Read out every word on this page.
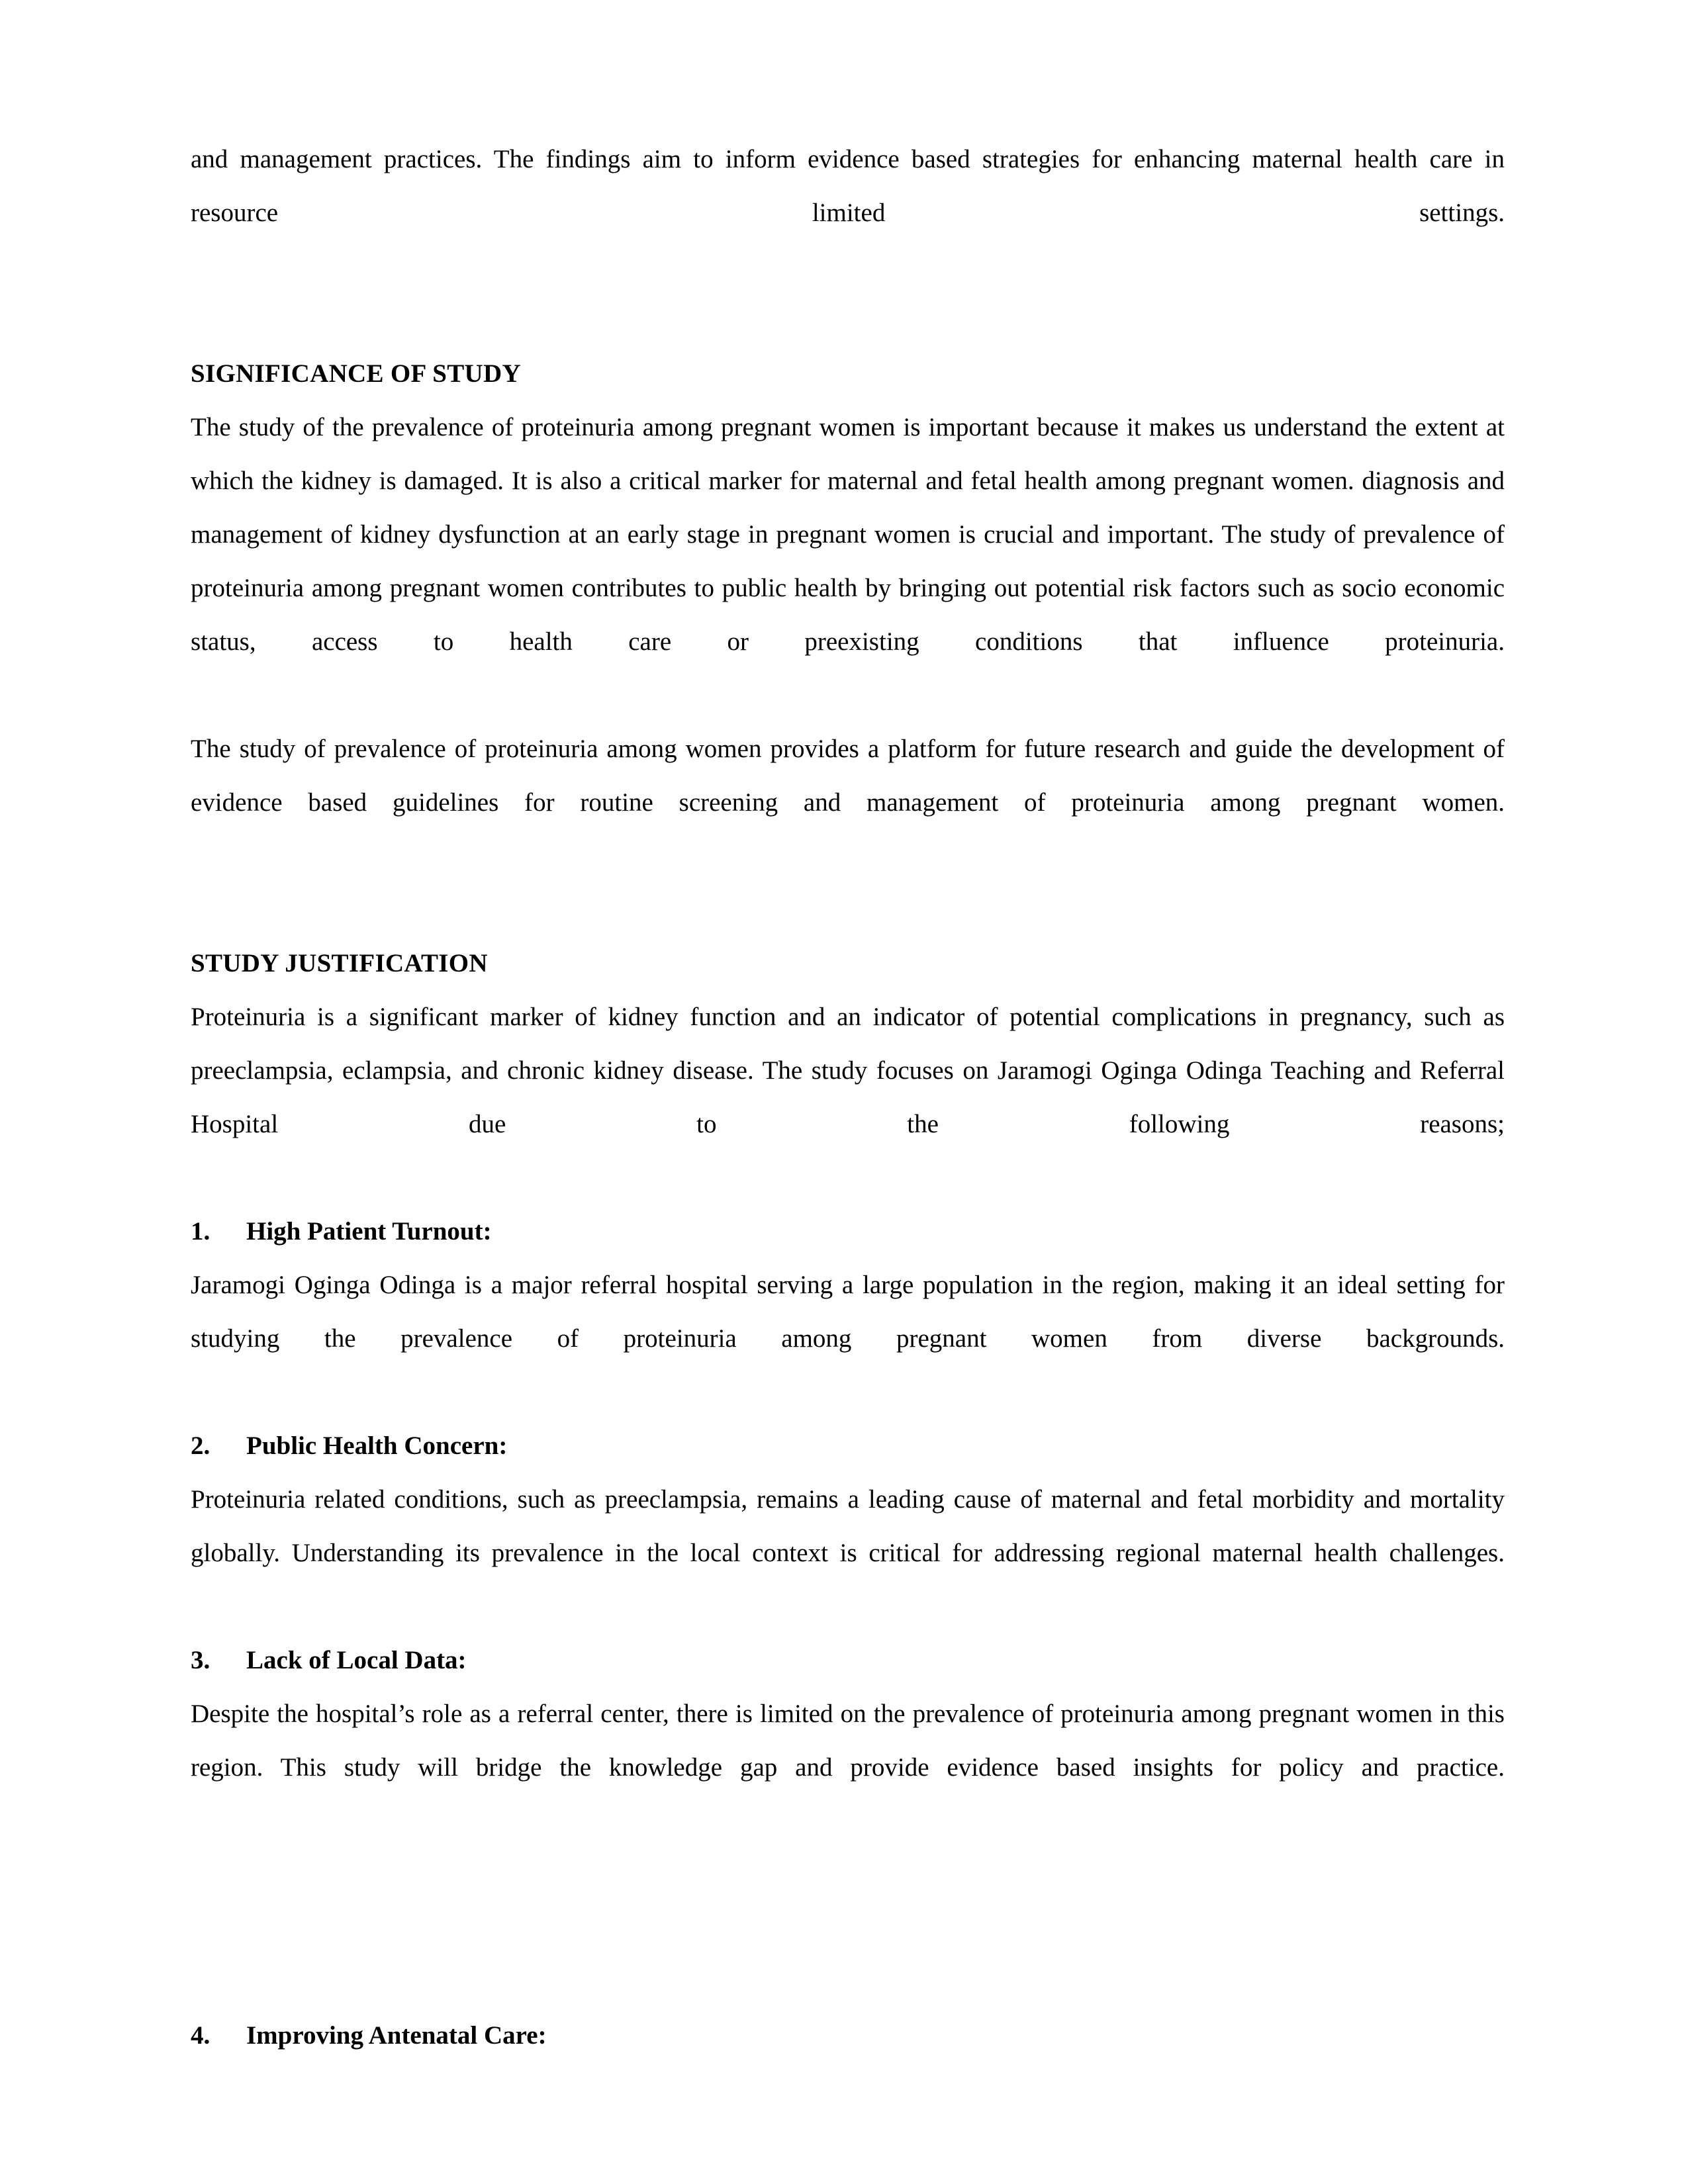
and management practices. The findings aim to inform evidence based strategies for enhancing maternal health care in resource limited settings.

SIGNIFICANCE OF STUDY

The study of the prevalence of proteinuria among pregnant women is important because it makes us understand the extent at which the kidney is damaged. It is also a critical marker for maternal and fetal health among pregnant women. diagnosis and management of kidney dysfunction at an early stage in pregnant women is crucial and important. The study of prevalence of proteinuria among pregnant women contributes to public health by bringing out potential risk factors such as socio economic status, access to health care or preexisting conditions that influence proteinuria.

The study of prevalence of proteinuria among women provides a platform for future research and guide the development of evidence based guidelines for routine screening and management of proteinuria among pregnant women.

STUDY JUSTIFICATION

Proteinuria is a significant marker of kidney function and an indicator of potential complications in pregnancy, such as preeclampsia, eclampsia, and chronic kidney disease. The study focuses on Jaramogi Oginga Odinga Teaching and Referral Hospital due to the following reasons;

1. High Patient Turnout:

Jaramogi Oginga Odinga is a major referral hospital serving a large population in the region, making it an ideal setting for studying the prevalence of proteinuria among pregnant women from diverse backgrounds.

2. Public Health Concern:

Proteinuria related conditions, such as preeclampsia, remains a leading cause of maternal and fetal morbidity and mortality globally. Understanding its prevalence in the local context is critical for addressing regional maternal health challenges.

3. Lack of Local Data:

Despite the hospital’s role as a referral center, there is limited on the prevalence of proteinuria among pregnant women in this region. This study will bridge the knowledge gap and provide evidence based insights for policy and practice.

4. Improving Antenatal Care:
